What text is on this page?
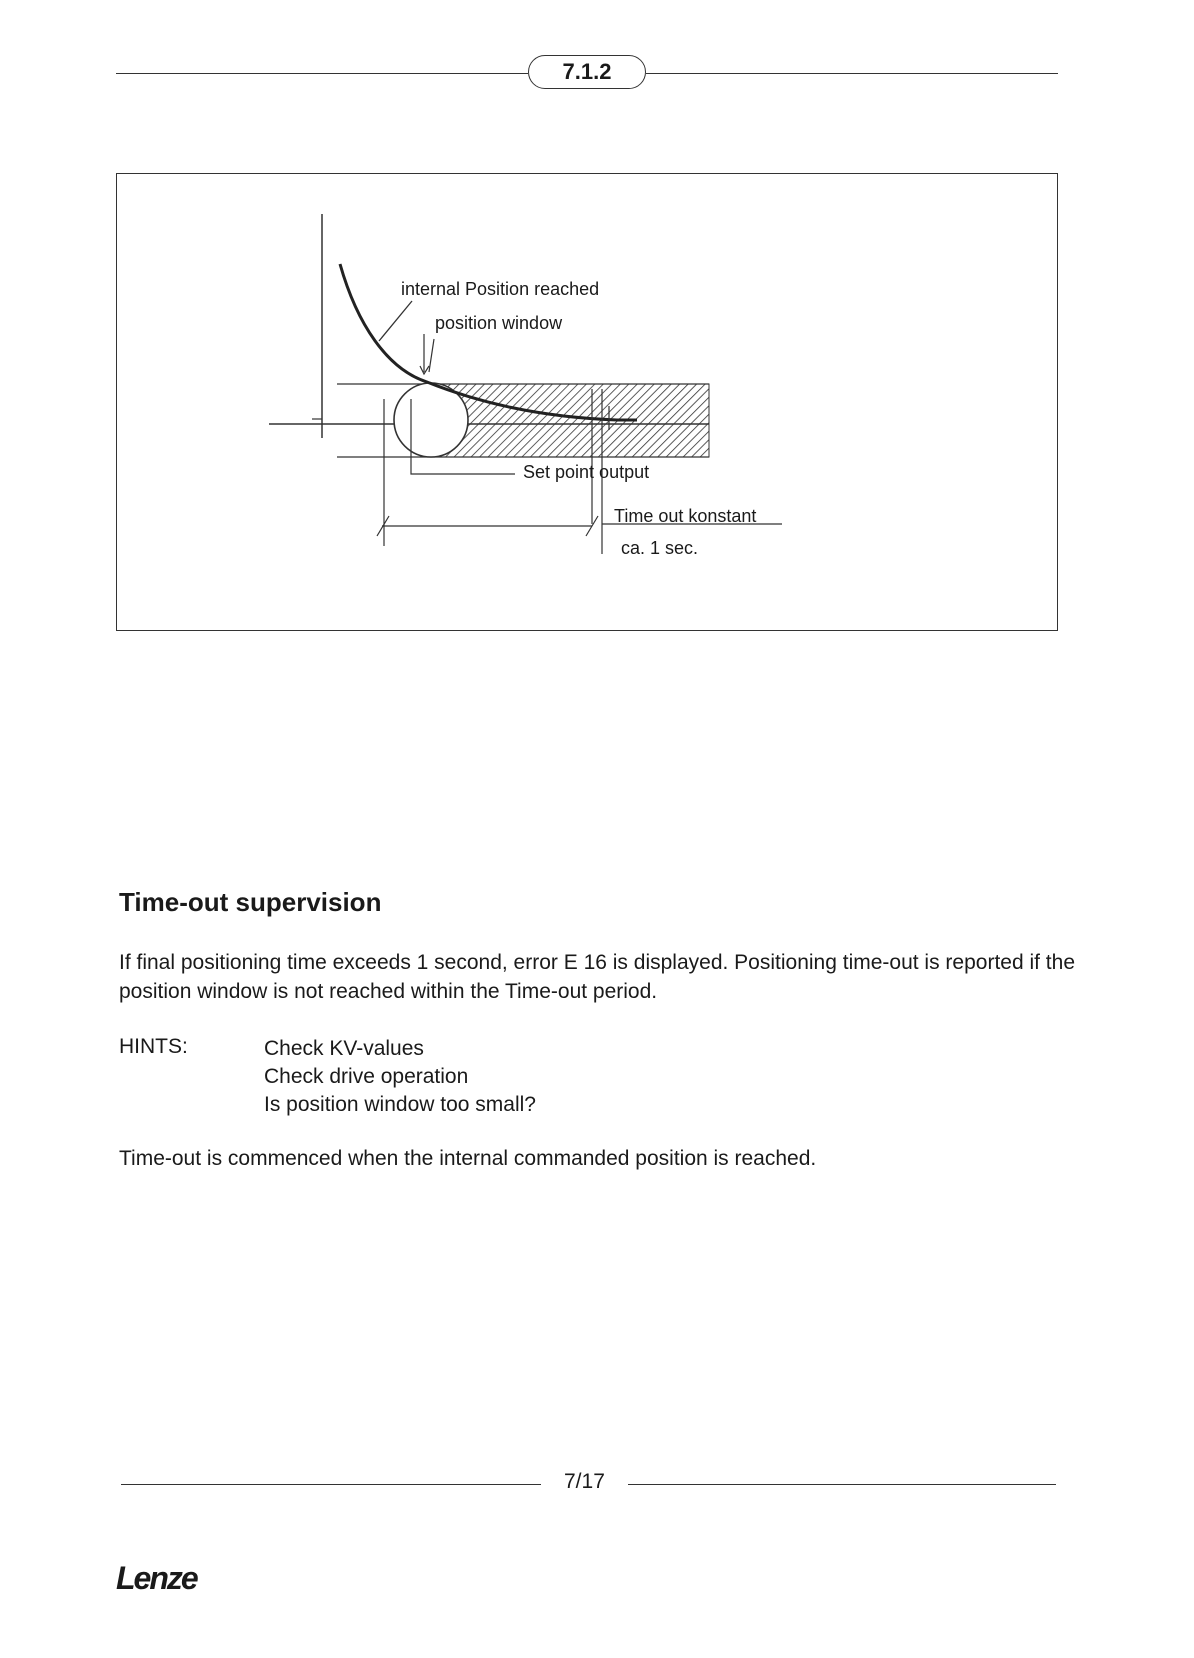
7.1.2
internal Position reached
position window
Set point output
Time out konstant
ca. 1 sec.
Time-out supervision
If final positioning time exceeds 1 second, error E 16 is displayed. Positioning time-out is reported if the position window is not reached within the Time-out period.
HINTS:	Check KV-values
Check drive operation
Is position window too small?
Time-out is commenced when the internal commanded position is reached.
7/17
Lenze
